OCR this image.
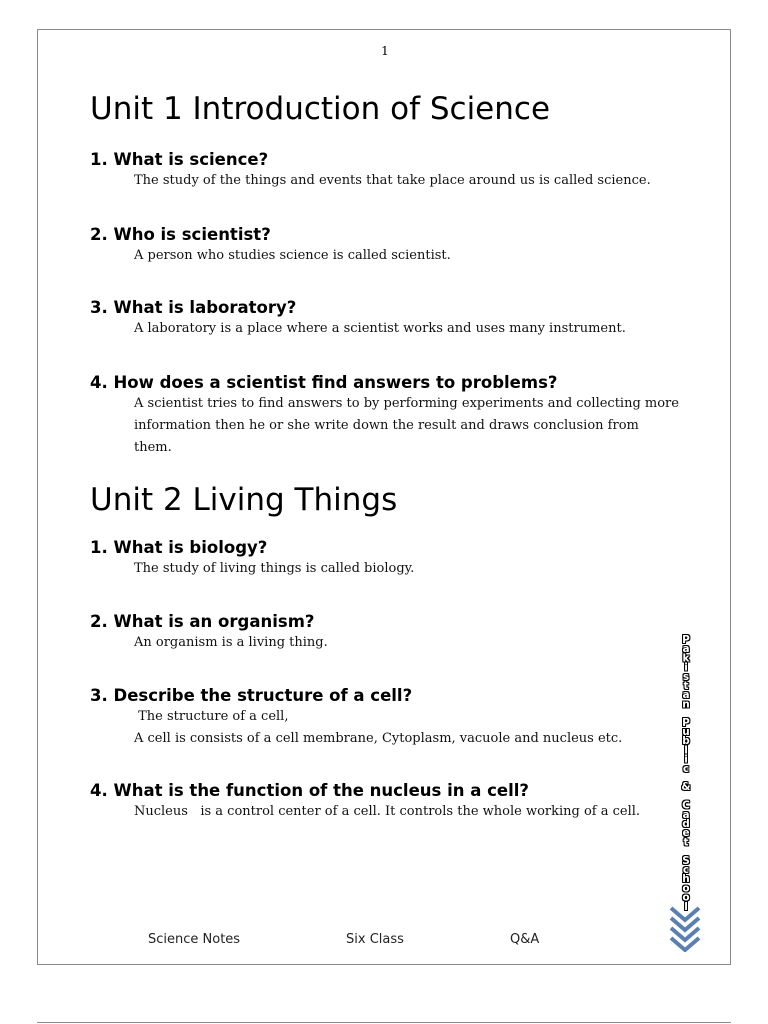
1
Unit 1 Introduction of Science
1. What is science?

The study of the things and events that take place around us is called science.

2. Who is scientist?

A person who studies science is called scientist.

3. What is laboratory?

A laboratory is a place where a scientist works and uses many instrument.

4. How does a scientist find answers to problems?

A scientist tries to find answers to by performing experiments and collecting more

information then he or she write down the result and draws conclusion from them.

Unit 2 Living Things
1. What is biology?

The study of living things is called biology.

2. What is an organism?

An organism is a living thing.

3. Describe the structure of a cell?

The structure of a cell,

A cell is consists of a cell membrane, Cytoplasm, vacuole and nucleus etc.

4. What is the function of the nucleus in a cell?

Nucleus   is a control center of a cell. It controls the whole working of a cell.	Pakistan Public & Cadet School
Science Notes	Six Class	Q&A
